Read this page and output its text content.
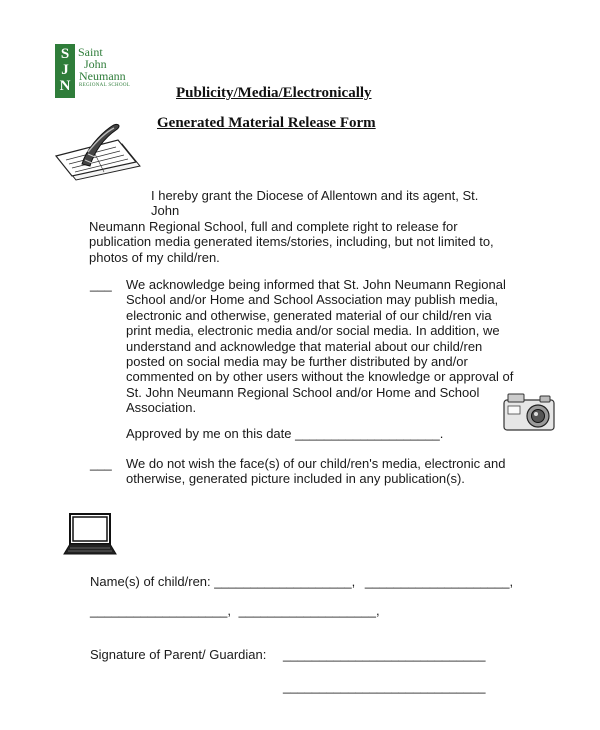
S
J
N
Saint
John
Neumann
REGIONAL SCHOOL	Publicity/Media/Electronically
Generated Material Release Form
I hereby grant the Diocese of Allentown and its agent, St. John
Neumann Regional School, full and complete right to release for publication media generated items/stories, including, but not limited to, photos of my child/ren.
___ We acknowledge being informed that St. John Neumann Regional School and/or Home and School Association may publish media, electronic and otherwise, generated material of our child/ren via print media, electronic media and/or social media. In addition, we understand and acknowledge that material about our child/ren posted on social media may be further distributed by and/or commented on by other users without the knowledge or approval of St. John Neumann Regional School and/or Home and School Association.
Approved by me on this date ____________________.
___ We do not wish the face(s) of our child/ren's media, electronic and otherwise, generated picture included in any publication(s).
Name(s) of child/ren: ___________________, ____________________,
___________________, ___________________,
Signature of Parent/ Guardian: ____________________________
____________________________
